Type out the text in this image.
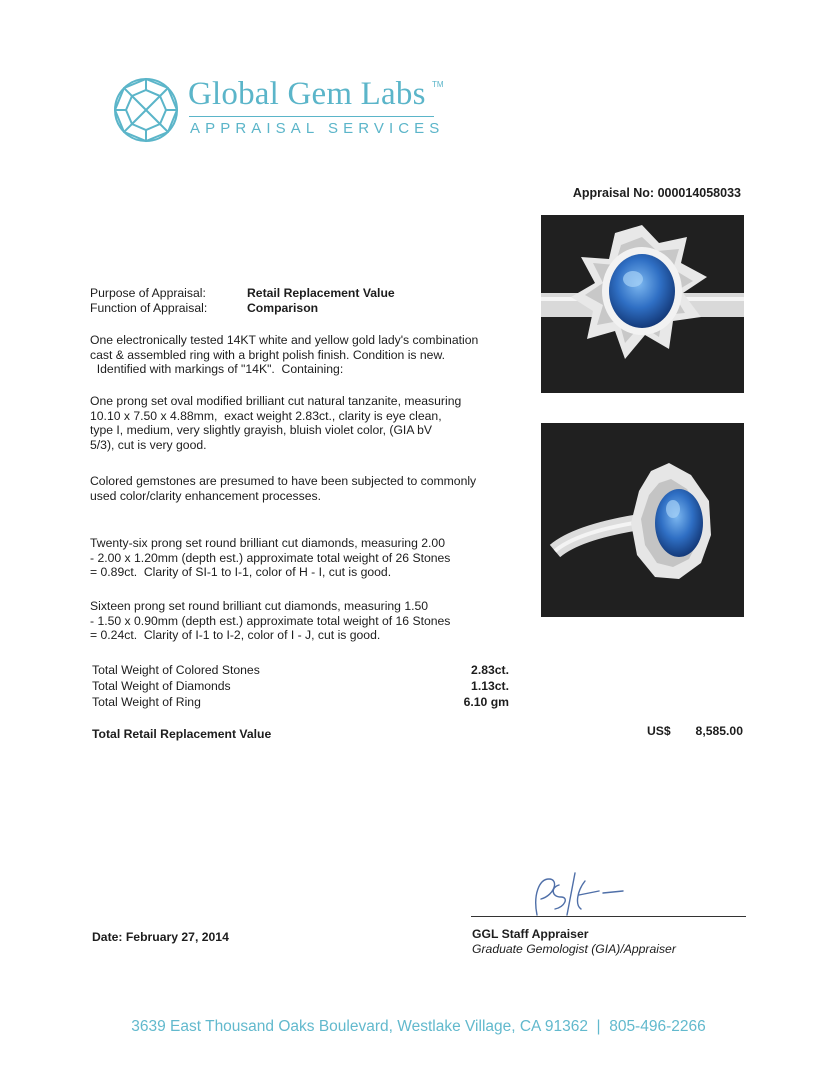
Global Gem Labs TM
APPRAISAL SERVICES
Appraisal No: 000014058033
Purpose of Appraisal:	Retail Replacement Value
Function of Appraisal:	Comparison
One electronically tested 14KT white and yellow gold lady's combination
cast & assembled ring with a bright polish finish. Condition is new.
Identified with markings of "14K".  Containing:
One prong set oval modified brilliant cut natural tanzanite, measuring
10.10 x 7.50 x 4.88mm,  exact weight 2.83ct., clarity is eye clean,
type I, medium, very slightly grayish, bluish violet color, (GIA bV
5/3), cut is very good.
Colored gemstones are presumed to have been subjected to commonly
used color/clarity enhancement processes.
Twenty-six prong set round brilliant cut diamonds, measuring 2.00
- 2.00 x 1.20mm (depth est.) approximate total weight of 26 Stones
= 0.89ct.  Clarity of SI-1 to I-1, color of H - I, cut is good.
Sixteen prong set round brilliant cut diamonds, measuring 1.50
- 1.50 x 0.90mm (depth est.) approximate total weight of 16 Stones
= 0.24ct.  Clarity of I-1 to I-2, color of I - J, cut is good.
Total Weight of Colored Stones	2.83ct.
Total Weight of Diamonds	1.13ct.
Total Weight of Ring	6.10 gm
Total Retail Replacement Value	US$ 8,585.00
Date: February 27, 2014	GGL Staff Appraiser
Graduate Gemologist (GIA)/Appraiser
3639 East Thousand Oaks Boulevard, Westlake Village, CA 91362  |  805-496-2266
